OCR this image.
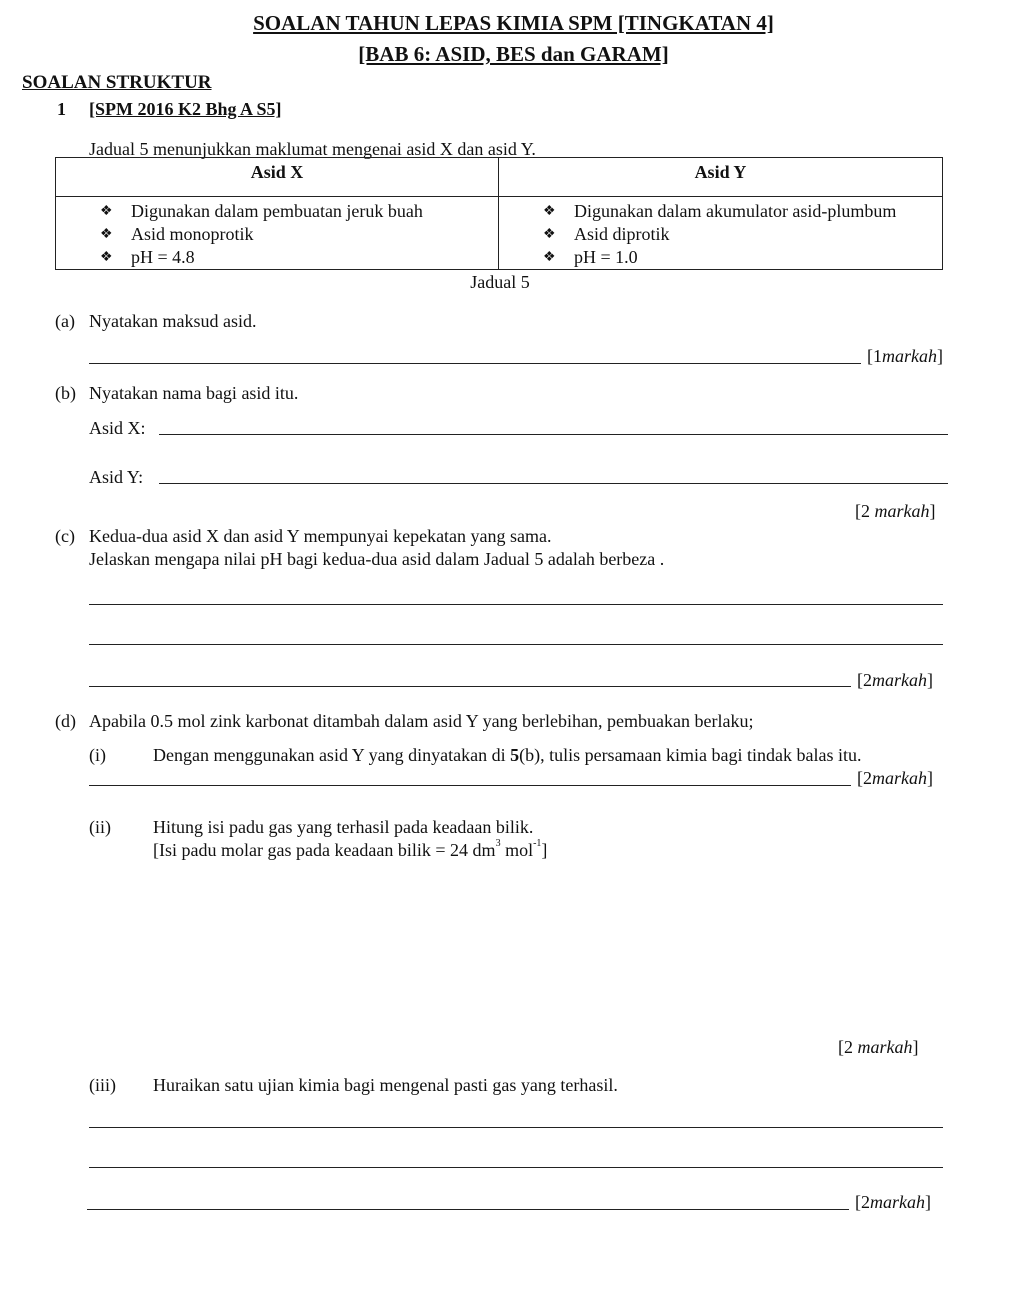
SOALAN TAHUN LEPAS KIMIA SPM [TINGKATAN 4]
[BAB 6: ASID, BES dan GARAM]
SOALAN STRUKTUR
1 [SPM 2016 K2 Bhg A S5]
Jadual 5 menunjukkan maklumat mengenai asid X dan asid Y.
Asid X	Asid Y

❖	Digunakan dalam pembuatan jeruk buah
❖	Asid monoprotik
❖	pH = 4.8

❖	Digunakan dalam akumulator asid-plumbum
❖	Asid diprotik
❖	pH = 1.0
Jadual 5
(a) Nyatakan maksud asid.
[1markah]
(b) Nyatakan nama bagi asid itu.
Asid X:
Asid Y:
[2 markah]
(c) Kedua-dua asid X dan asid Y mempunyai kepekatan yang sama.
Jelaskan mengapa nilai pH bagi kedua-dua asid dalam Jadual 5 adalah berbeza .
[2markah]
(d) Apabila 0.5 mol zink karbonat ditambah dalam asid Y yang berlebihan, pembuakan berlaku;
(i)	Dengan menggunakan asid Y yang dinyatakan di 5(b), tulis persamaan kimia bagi tindak balas itu.
[2markah]
(ii) Hitung isi padu gas yang terhasil pada keadaan bilik.
[Isi padu molar gas pada keadaan bilik = 24 $dm^3$ mol$^{-1}$]
[2 markah]
(iii) Huraikan satu ujian kimia bagi mengenal pasti gas yang terhasil.
[2markah]
